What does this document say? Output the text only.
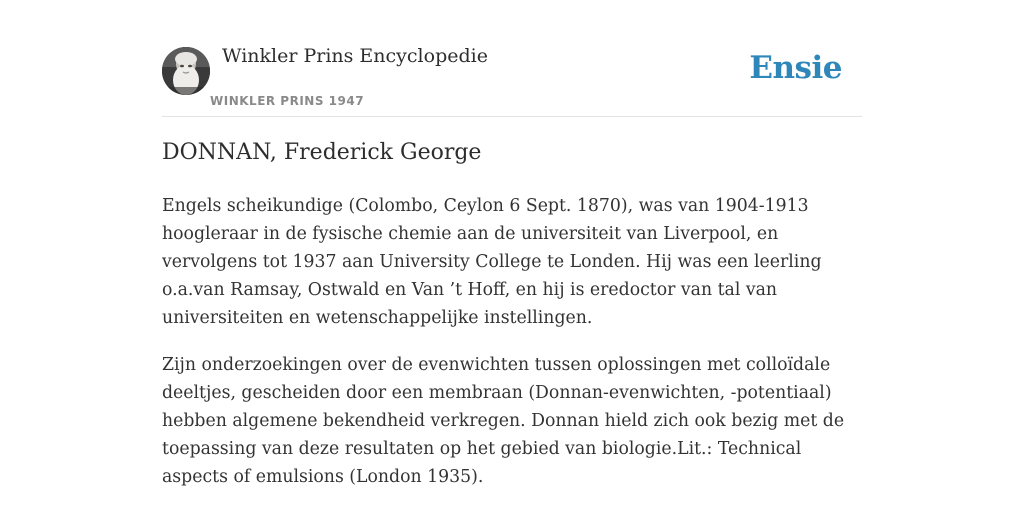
Winkler Prins Encyclopedie
WINKLER PRINS 1947
Ensie
DONNAN, Frederick George

Engels scheikundige (Colombo, Ceylon 6 Sept. 1870), was van 1904-1913 hoogleraar in de fysische chemie aan de universiteit van Liverpool, en vervolgens tot 1937 aan University College te Londen. Hij was een leerling o.a.van Ramsay, Ostwald en Van ’t Hoff, en hij is eredoctor van tal van universiteiten en wetenschappelijke instellingen.

Zijn onderzoekingen over de evenwichten tussen oplossingen met colloïdale deeltjes, gescheiden door een membraan (Donnan-evenwichten, -potentiaal) hebben algemene bekendheid verkregen. Donnan hield zich ook bezig met de toepassing van deze resultaten op het gebied van biologie.Lit.: Technical aspects of emulsions (London 1935).
